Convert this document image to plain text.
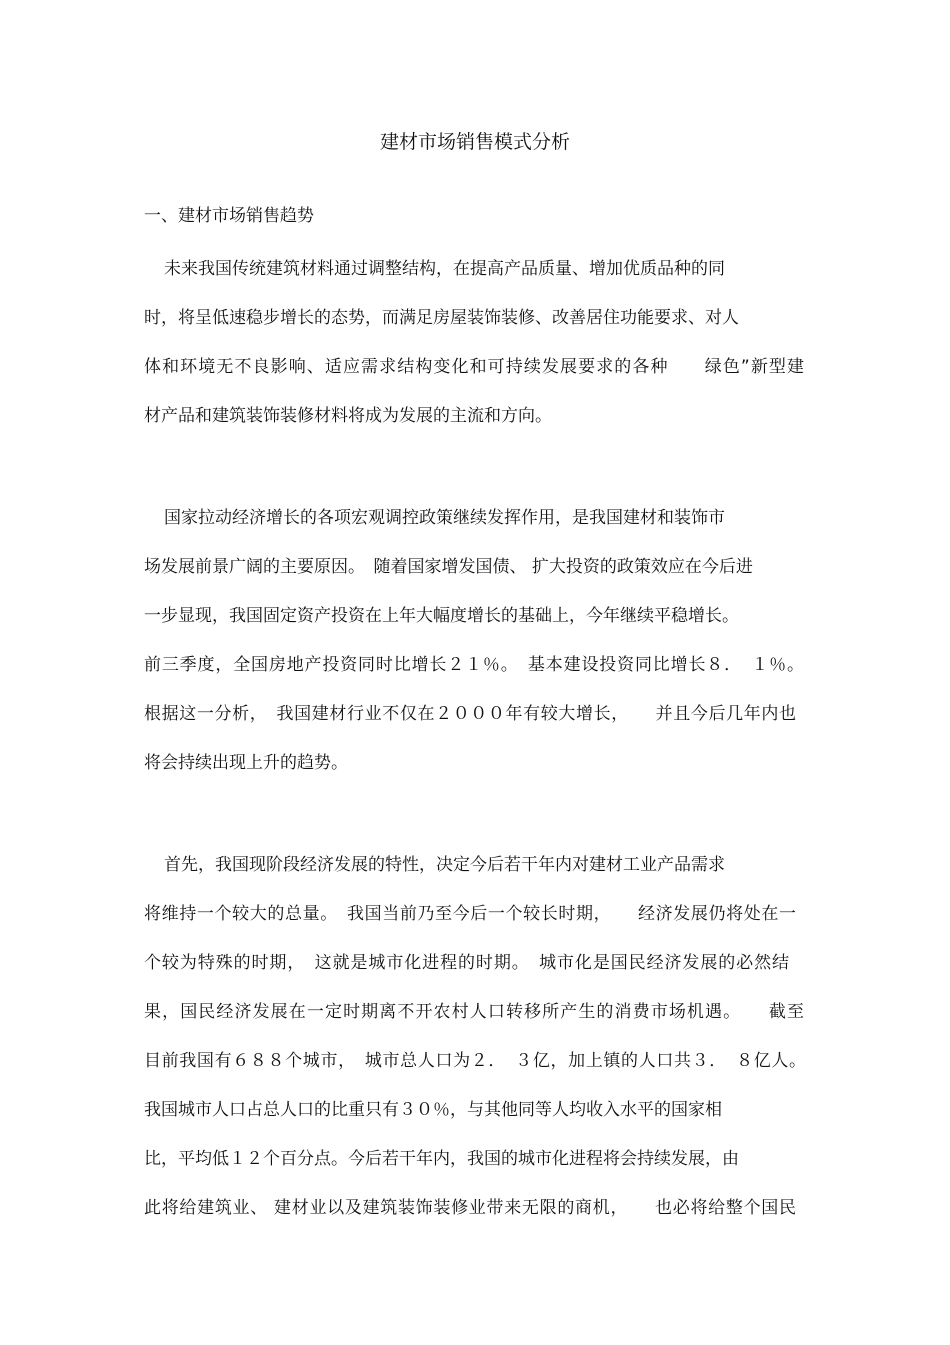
建材市场销售模式分析
一、建材市场销售趋势
未来我国传统建筑材料通过调整结构，在提高产品质量、增加优质品种的同
时，将呈低速稳步增长的态势，而满足房屋装饰装修、改善居住功能要求、对人
体和环境无不良影响、适应需求结构变化和可持续发展要求的各种　　绿色”新型建
材产品和建筑装饰装修材料将成为发展的主流和方向。
国家拉动经济增长的各项宏观调控政策继续发挥作用，是我国建材和装饰市
场发展前景广阔的主要原因。　随着国家增发国债、 扩大投资的政策效应在今后进
一步显现，我国固定资产投资在上年大幅度增长的基础上，今年继续平稳增长。
前三季度，全国房地产投资同时比增长２１％。　基本建设投资同比增长８．　１％。
根据这一分析，　我国建材行业不仅在２０００年有较大增长，　　并且今后几年内也
将会持续出现上升的趋势。
首先，我国现阶段经济发展的特性，决定今后若干年内对建材工业产品需求
将维持一个较大的总量。　我国当前乃至今后一个较长时期，　　经济发展仍将处在一
个较为特殊的时期，　这就是城市化进程的时期。　城市化是国民经济发展的必然结
果，国民经济发展在一定时期离不开农村人口转移所产生的消费市场机遇。　　截至
目前我国有６８８个城市，　城市总人口为２．　３亿，加上镇的人口共３．　８亿人。
我国城市人口占总人口的比重只有３０％，与其他同等人均收入水平的国家相
比，平均低１２个百分点。今后若干年内，我国的城市化进程将会持续发展，由
此将给建筑业、 建材业以及建筑装饰装修业带来无限的商机，　　也必将给整个国民
